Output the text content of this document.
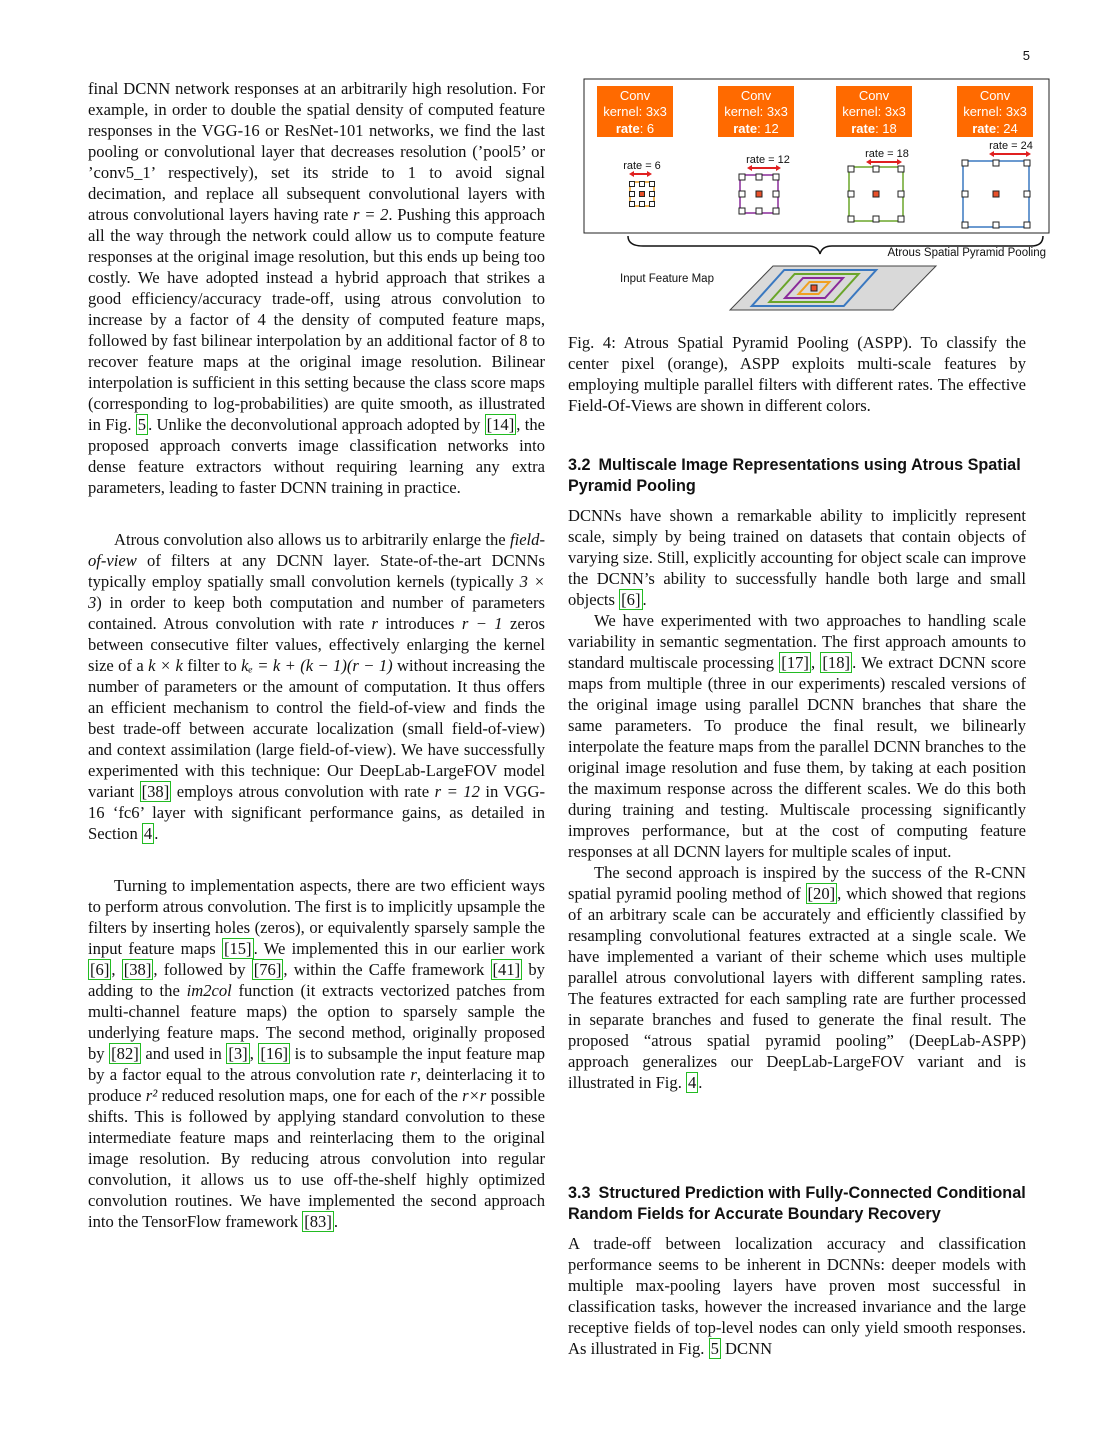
5

final DCNN network responses at an arbitrarily high resolution. For example, in order to double the spatial density of computed feature responses in the VGG-16 or ResNet-101 networks, we find the last pooling or convolutional layer that decreases resolution (’pool5’ or ’conv5_1’ respectively), set its stride to 1 to avoid signal decimation, and replace all subsequent convolutional layers with atrous convolutional layers having rate r = 2. Pushing this approach all the way through the network could allow us to compute feature responses at the original image resolution, but this ends up being too costly. We have adopted instead a hybrid approach that strikes a good efficiency/accuracy trade-off, using atrous convolution to increase by a factor of 4 the density of computed feature maps, followed by fast bilinear interpolation by an additional factor of 8 to recover feature maps at the original image resolution. Bilinear interpolation is sufficient in this setting because the class score maps (corresponding to log-probabilities) are quite smooth, as illustrated in Fig. 5 . Unlike the deconvolutional approach adopted by [14] , the proposed approach converts image classification networks into dense feature extractors without requiring learning any extra parameters, leading to faster DCNN training in practice.

Atrous convolution also allows us to arbitrarily enlarge the field-of-view of filters at any DCNN layer. State-of-the-art DCNNs typically employ spatially small convolution kernels (typically 3 × 3) in order to keep both computation and number of parameters contained. Atrous convolution with rate r introduces r − 1 zeros between consecutive filter values, effectively enlarging the kernel size of a k × k filter to kₑ = k + (k − 1)(r − 1) without increasing the number of parameters or the amount of computation. It thus offers an efficient mechanism to control the field-of-view and finds the best trade-off between accurate localization (small field-of-view) and context assimilation (large field-of-view). We have successfully experimented with this technique: Our DeepLab-LargeFOV model variant [38] employs atrous convolution with rate r = 12 in VGG-16 ‘fc6’ layer with significant performance gains, as detailed in Section 4 .

Turning to implementation aspects, there are two efficient ways to perform atrous convolution. The first is to implicitly upsample the filters by inserting holes (zeros), or equivalently sparsely sample the input feature maps [15] . We implemented this in our earlier work [6] , [38] , followed by [76] , within the Caffe framework [41] by adding to the im2col function (it extracts vectorized patches from multi-channel feature maps) the option to sparsely sample the underlying feature maps. The second method, originally proposed by [82] and used in [3] , [16] is to subsample the input feature map by a factor equal to the atrous convolution rate r, deinterlacing it to produce r² reduced resolution maps, one for each of the r×r possible shifts. This is followed by applying standard convolution to these intermediate feature maps and reinterlacing them to the original image resolution. By reducing atrous convolution into regular convolution, it allows us to use off-the-shelf highly optimized convolution routines. We have implemented the second approach into the TensorFlow framework [83] .

Conv
kernel: 3x3
rate: 6
Conv
kernel: 3x3
rate: 12
Conv
kernel: 3x3
rate: 18
Conv
kernel: 3x3
rate: 24
rate = 6	rate = 12	rate = 18
rate = 24
Atrous Spatial Pyramid Pooling
Input Feature Map

Fig. 4: Atrous Spatial Pyramid Pooling (ASPP). To classify the center pixel (orange), ASPP exploits multi-scale features by employing multiple parallel filters with different rates. The effective Field-Of-Views are shown in different colors.

3.2 Multiscale Image Representations using Atrous Spatial Pyramid Pooling

DCNNs have shown a remarkable ability to implicitly represent scale, simply by being trained on datasets that contain objects of varying size. Still, explicitly accounting for object scale can improve the DCNN’s ability to successfully handle both large and small objects [6] .

We have experimented with two approaches to handling scale variability in semantic segmentation. The first approach amounts to standard multiscale processing [17] , [18] . We extract DCNN score maps from multiple (three in our experiments) rescaled versions of the original image using parallel DCNN branches that share the same parameters. To produce the final result, we bilinearly interpolate the feature maps from the parallel DCNN branches to the original image resolution and fuse them, by taking at each position the maximum response across the different scales. We do this both during training and testing. Multiscale processing significantly improves performance, but at the cost of computing feature responses at all DCNN layers for multiple scales of input.

The second approach is inspired by the success of the R-CNN spatial pyramid pooling method of [20] , which showed that regions of an arbitrary scale can be accurately and efficiently classified by resampling convolutional features extracted at a single scale. We have implemented a variant of their scheme which uses multiple parallel atrous convolutional layers with different sampling rates. The features extracted for each sampling rate are further processed in separate branches and fused to generate the final result. The proposed “atrous spatial pyramid pooling” (DeepLab-ASPP) approach generalizes our DeepLab-LargeFOV variant and is illustrated in Fig. 4 .

3.3 Structured Prediction with Fully-Connected Conditional Random Fields for Accurate Boundary Recovery

A trade-off between localization accuracy and classification performance seems to be inherent in DCNNs: deeper models with multiple max-pooling layers have proven most successful in classification tasks, however the increased invariance and the large receptive fields of top-level nodes can only yield smooth responses. As illustrated in Fig. 5 DCNN
